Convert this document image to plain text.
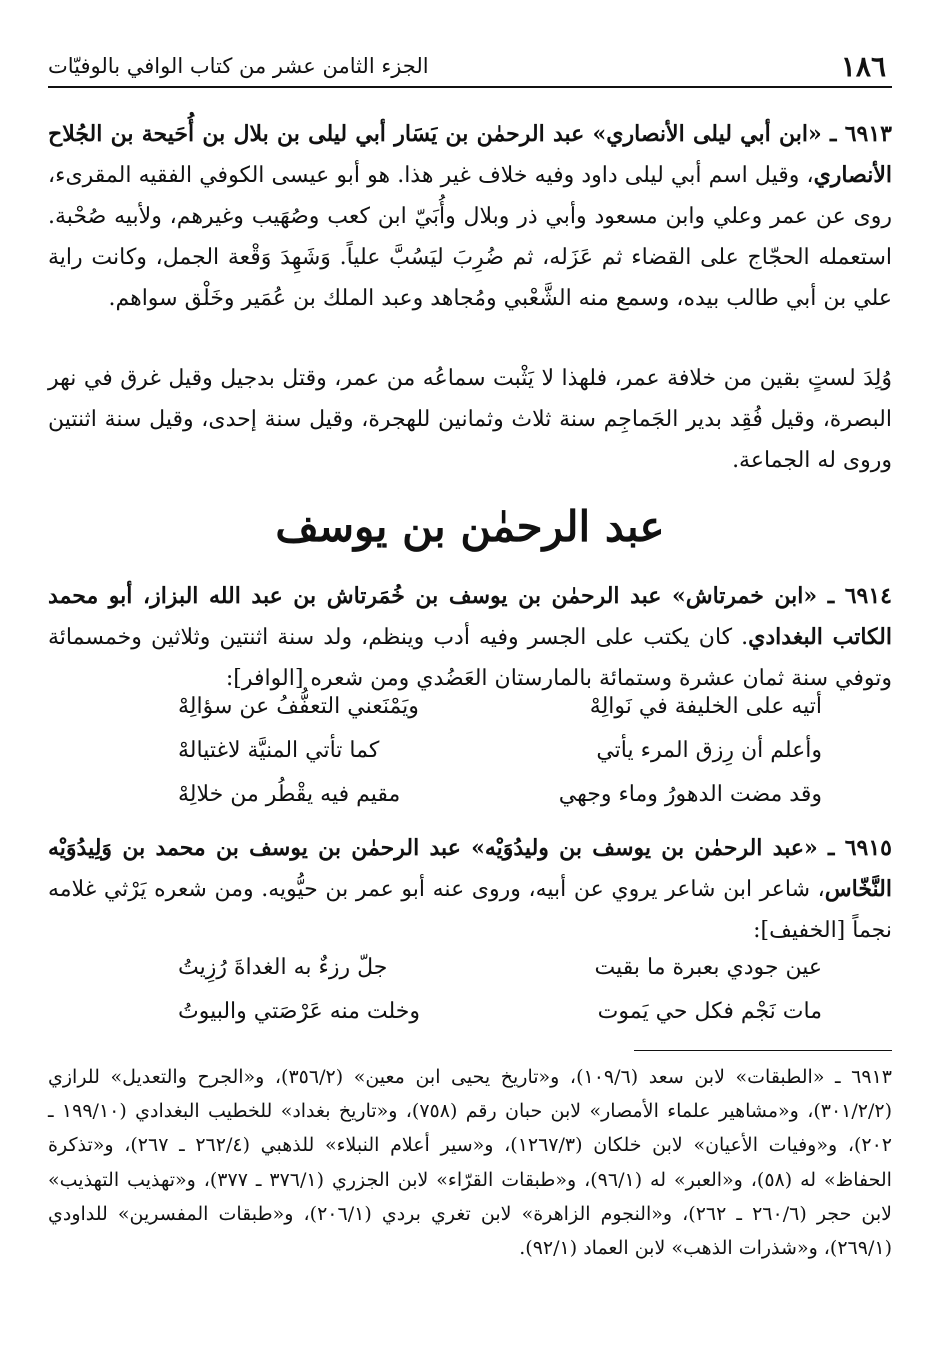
١٨٦
الجزء الثامن عشر من كتاب الوافي بالوفيّات
٦٩١٣ ـ «ابن أبي ليلى الأنصاري» عبد الرحمٰن بن يَسَار أبي ليلى بن بلال بن أُحَيحة بن الجُلاح الأنصاري، وقيل اسم أبي ليلى داود وفيه خلاف غير هذا. هو أبو عيسى الكوفي الفقيه المقرىء، روى عن عمر وعلي وابن مسعود وأبي ذر وبلال وأُبَيّ ابن كعب وصُهَيب وغيرهم، ولأبيه صُحْبة. استعمله الحجّاج على القضاء ثم عَزَله، ثم ضُرِبَ ليَسُبَّ علياً. وَشَهِدَ وَقْعة الجمل، وكانت راية علي بن أبي طالب بيده، وسمع منه الشَّعْبي ومُجاهد وعبد الملك بن عُمَير وخَلْق سواهم.
وُلِدَ لستٍ بقين من خلافة عمر، فلهذا لا يَثْبت سماعُه من عمر، وقتل بدجيل وقيل غرق في نهر البصرة، وقيل فُقِد بدير الجَماجِم سنة ثلاث وثمانين للهجرة، وقيل سنة إحدى، وقيل سنة اثنتين وروى له الجماعة.
عبد الرحمٰن بن يوسف
٦٩١٤ ـ «ابن خمرتاش» عبد الرحمٰن بن يوسف بن خُمَرتاش بن عبد الله البزاز، أبو محمد الكاتب البغدادي. كان يكتب على الجسر وفيه أدب وينظم، ولد سنة اثنتين وثلاثين وخمسمائة وتوفي سنة ثمان عشرة وستمائة بالمارستان العَضُدي ومن شعره [الوافر]:
أتيه على الخليفة في نَوالِهْ
ويَمْنَعني التعفُّفُ عن سؤالِهْ
وأعلم أن رِزق المرء يأتي
كما تأتي المنيَّة لاغتيالهْ
وقد مضت الدهورُ وماء وجهي
مقيم فيه يقْطُر من خلالِهْ
٦٩١٥ ـ «عبد الرحمٰن بن يوسف بن وليدُوَيْه» عبد الرحمٰن بن يوسف بن محمد بن وَلِيدُوَيْه النَّخّاس، شاعر ابن شاعر يروي عن أبيه، وروى عنه أبو عمر بن حيُّويه. ومن شعره يَرْثي غلامه نجماً [الخفيف]:
عين جودي بعبرة ما بقيت
جلّ رزءٌ به الغداةَ رُزِيتُ
مات نَجْم فكل حي يَموت
وخلت منه عَرْصَتي والبيوتُ
٦٩١٣ ـ «الطبقات» لابن سعد (١٠٩/٦)، و«تاريخ يحيى ابن معين» (٣٥٦/٢)، و«الجرح والتعديل» للرازي (٣٠١/٢/٢)، و«مشاهير علماء الأمصار» لابن حبان رقم (٧٥٨)، و«تاريخ بغداد» للخطيب البغدادي (١٩٩/١٠ ـ ٢٠٢)، و«وفيات الأعيان» لابن خلكان (١٢٦٧/٣)، و«سير أعلام النبلاء» للذهبي (٢٦٢/٤ ـ ٢٦٧)، و«تذكرة الحفاظ» له (٥٨)، و«العبر» له (٩٦/١)، و«طبقات القرّاء» لابن الجزري (٣٧٦/١ ـ ٣٧٧)، و«تهذيب التهذيب» لابن حجر (٢٦٠/٦ ـ ٢٦٢)، و«النجوم الزاهرة» لابن تغري بردي (٢٠٦/١)، و«طبقات المفسرين» للداودي (٢٦٩/١)، و«شذرات الذهب» لابن العماد (٩٢/١).
